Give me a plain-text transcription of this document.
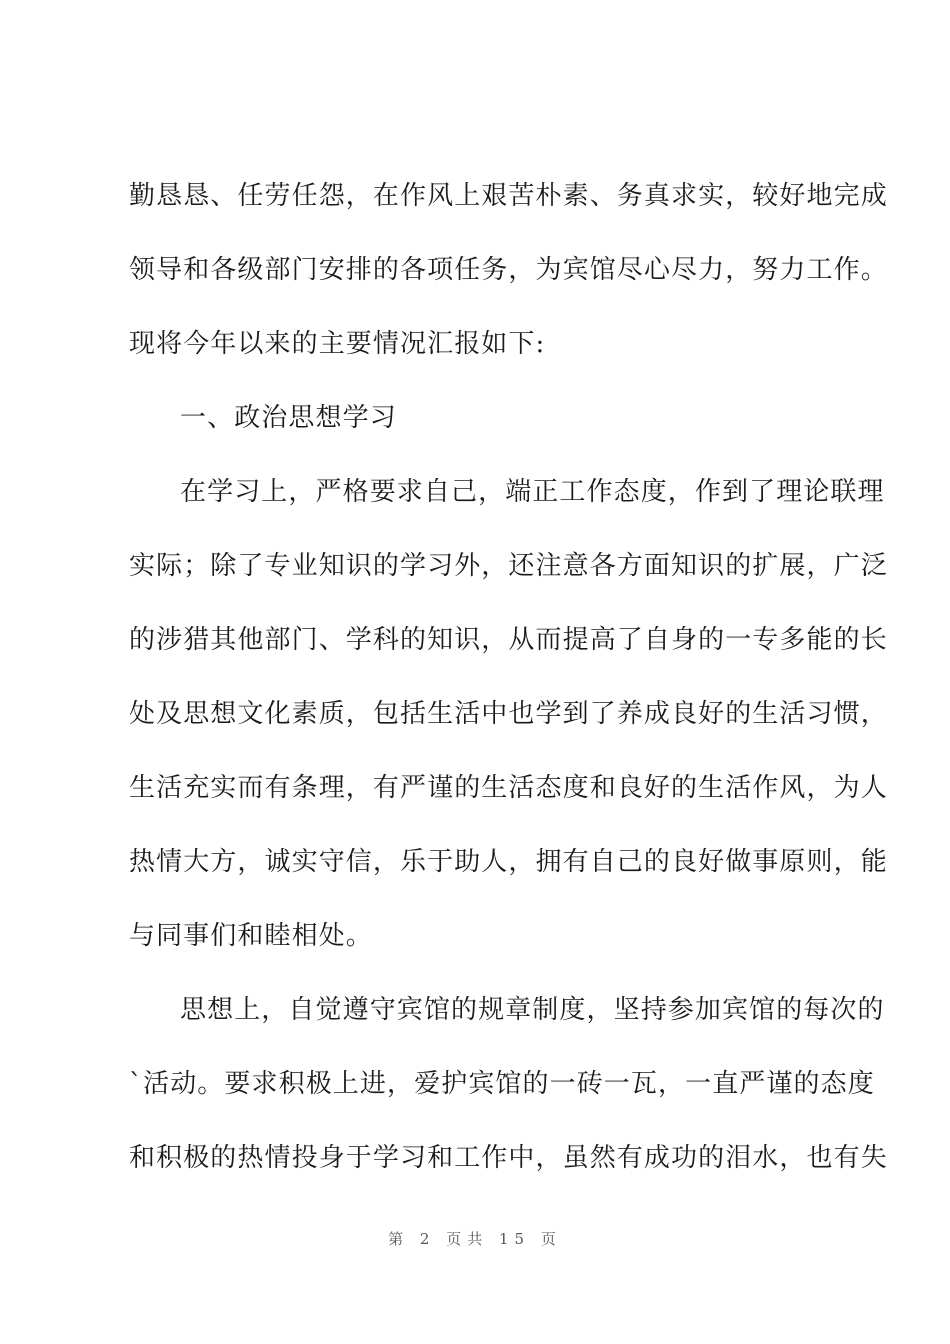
勤恳恳、任劳任怨，在作风上艰苦朴素、务真求实，较好地完成
领导和各级部门安排的各项任务，为宾馆尽心尽力，努力工作。
现将今年以来的主要情况汇报如下:
一、政治思想学习
在学习上，严格要求自己，端正工作态度，作到了理论联理
实际；除了专业知识的学习外，还注意各方面知识的扩展，广泛
的涉猎其他部门、学科的知识，从而提高了自身的一专多能的长
处及思想文化素质，包括生活中也学到了养成良好的生活习惯，
生活充实而有条理，有严谨的生活态度和良好的生活作风，为人
热情大方，诚实守信，乐于助人，拥有自己的良好做事原则，能
与同事们和睦相处。
思想上，自觉遵守宾馆的规章制度，坚持参加宾馆的每次的
`活动。要求积极上进，爱护宾馆的一砖一瓦，一直严谨的态度
和积极的热情投身于学习和工作中，虽然有成功的泪水，也有失
第 2 页共 15 页
